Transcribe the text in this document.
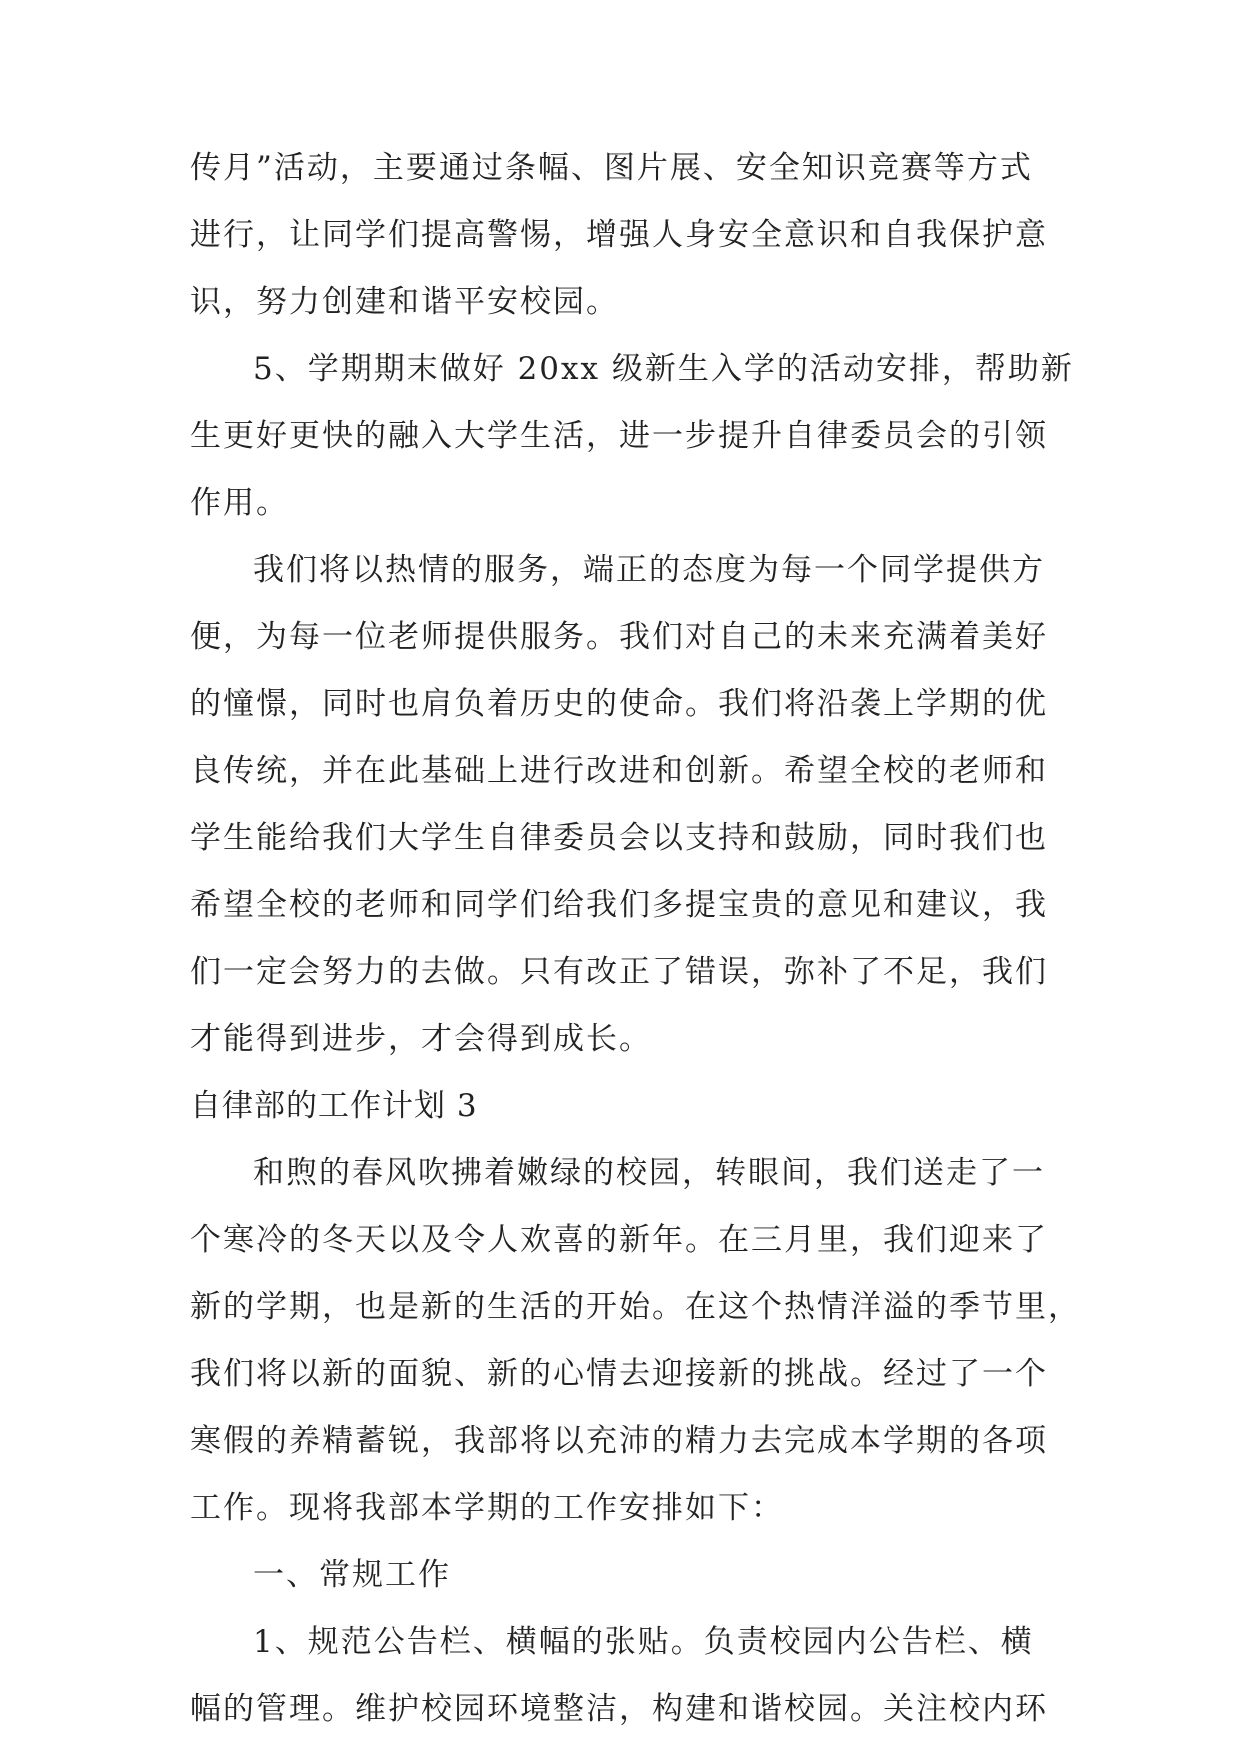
传月”活动，主要通过条幅、图片展、安全知识竞赛等方式
进行，让同学们提高警惕，增强人身安全意识和自我保护意
识，努力创建和谐平安校园。
5、学期期末做好 20xx 级新生入学的活动安排，帮助新
生更好更快的融入大学生活，进一步提升自律委员会的引领
作用。
我们将以热情的服务，端正的态度为每一个同学提供方
便，为每一位老师提供服务。我们对自己的未来充满着美好
的憧憬，同时也肩负着历史的使命。我们将沿袭上学期的优
良传统，并在此基础上进行改进和创新。希望全校的老师和
学生能给我们大学生自律委员会以支持和鼓励，同时我们也
希望全校的老师和同学们给我们多提宝贵的意见和建议，我
们一定会努力的去做。只有改正了错误，弥补了不足，我们
才能得到进步，才会得到成长。
自律部的工作计划 3
和煦的春风吹拂着嫩绿的校园，转眼间，我们送走了一
个寒冷的冬天以及令人欢喜的新年。在三月里，我们迎来了
新的学期，也是新的生活的开始。在这个热情洋溢的季节里，
我们将以新的面貌、新的心情去迎接新的挑战。经过了一个
寒假的养精蓄锐，我部将以充沛的精力去完成本学期的各项
工作。现将我部本学期的工作安排如下：
一、常规工作
1、规范公告栏、横幅的张贴。负责校园内公告栏、横
幅的管理。维护校园环境整洁，构建和谐校园。关注校内环
